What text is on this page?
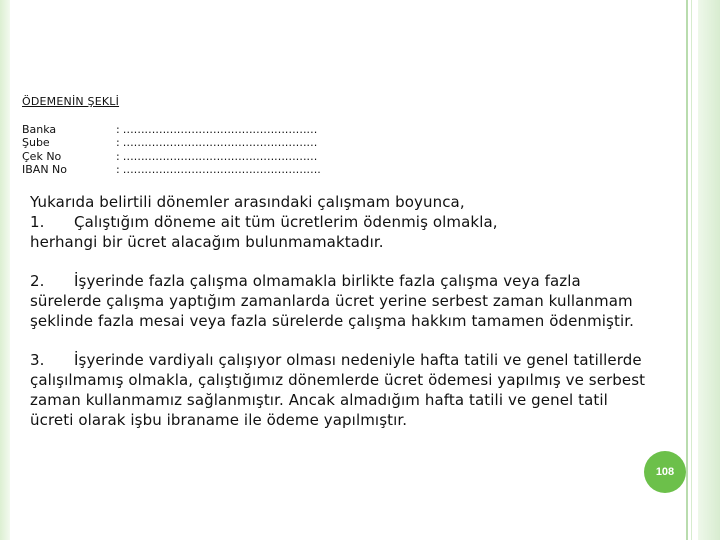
ÖDEMENİN ŞEKLİ
Banka	: ………………………………………………
Şube	: ………………………………………………
Çek No	: ………………………………………………
IBAN No	: ……………………………………………….

Yukarıda belirtili dönemler arasındaki çalışmam boyunca,

1. Çalıştığım döneme ait tüm ücretlerim ödenmiş olmakla,

herhangi bir ücret alacağım bulunmamaktadır.

2. İşyerinde fazla çalışma olmamakla birlikte fazla çalışma veya fazla sürelerde çalışma yaptığım zamanlarda ücret yerine serbest zaman kullanmam şeklinde fazla mesai veya fazla sürelerde çalışma hakkım tamamen ödenmiştir.

3. İşyerinde vardiyalı çalışıyor olması nedeniyle hafta tatili ve genel tatillerde çalışılmamış olmakla, çalıştığımız dönemlerde ücret ödemesi yapılmış ve serbest zaman kullanmamız sağlanmıştır. Ancak almadığım hafta tatili ve genel tatil ücreti olarak işbu ibraname ile ödeme yapılmıştır.

108
